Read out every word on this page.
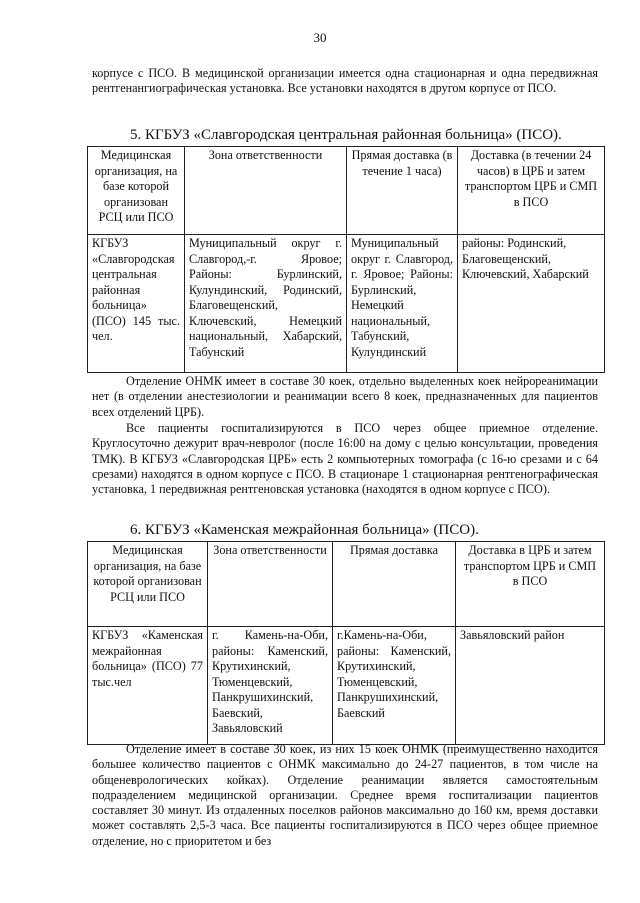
30

корпусе с ПСО. В медицинской организации имеется одна стационарная и одна передвижная рентгенангиографическая установка. Все установки находятся в другом корпусе от ПСО.

5. КГБУЗ «Славгородская центральная районная больница» (ПСО).
Медицинская организация, на базе которой организован РСЦ или ПСО	Зона ответственности	Прямая доставка (в течение 1 часа)	Доставка (в течении 24 часов) в ЦРБ и затем транспортом ЦРБ и СМП в ПСО
КГБУЗ «Славгородская центральная районная больница» (ПСО) 145 тыс. чел.	Муниципальный округ г. Славгород,-г. Яровое; Районы: Бурлинский, Кулундинский, Родинский, Благовещенский, Ключевский, Немецкий национальный, Хабарский, Табунский	Муниципальный округ г. Славгород, г. Яровое; Районы: Бурлинский, Немецкий национальный, Табунский, Кулундинский	районы: Родинский, Благовещенский, Ключевский, Хабарский

Отделение ОНМК имеет в составе 30 коек, отдельно выделенных коек нейрореанимации нет (в отделении анестезиологии и реанимации всего 8 коек, предназначенных для пациентов всех отделений ЦРБ).

Все пациенты госпитализируются в ПСО через общее приемное отделение. Круглосуточно дежурит врач-невролог (после 16:00 на дому с целью консультации, проведения ТМК). В КГБУЗ «Славгородская ЦРБ» есть 2 компьютерных томографа (с 16-ю срезами и с 64 срезами) находятся в одном корпусе с ПСО. В стационаре 1 стационарная рентгенографическая установка, 1 передвижная рентгеновская установка (находятся в одном корпусе с ПСО).

6. КГБУЗ «Каменская межрайонная больница» (ПСО).
Медицинская организация, на базе которой организован РСЦ или ПСО	Зона ответственности	Прямая доставка	Доставка в ЦРБ и затем транспортом ЦРБ и СМП в ПСО
КГБУЗ «Каменская межрайонная больница» (ПСО) 77 тыс.чел	г. Камень-на-Оби, районы: Каменский, Крутихинский, Тюменцевский, Панкрушихинский, Баевский, Завьяловский	г.Камень-на-Оби, районы: Каменский, Крутихинский, Тюменцевский, Панкрушихинский, Баевский	Завьяловский район

Отделение имеет в составе 30 коек, из них 15 коек ОНМК (преимущественно находится большее количество пациентов с ОНМК максимально до 24-27 пациентов, в том числе на общеневрологических койках). Отделение реанимации является самостоятельным подразделением медицинской организации. Среднее время госпитализации пациентов составляет 30 минут. Из отдаленных поселков районов максимально до 160 км, время доставки может составлять 2,5-3 часа. Все пациенты госпитализируются в ПСО через общее приемное отделение, но с приоритетом и без
